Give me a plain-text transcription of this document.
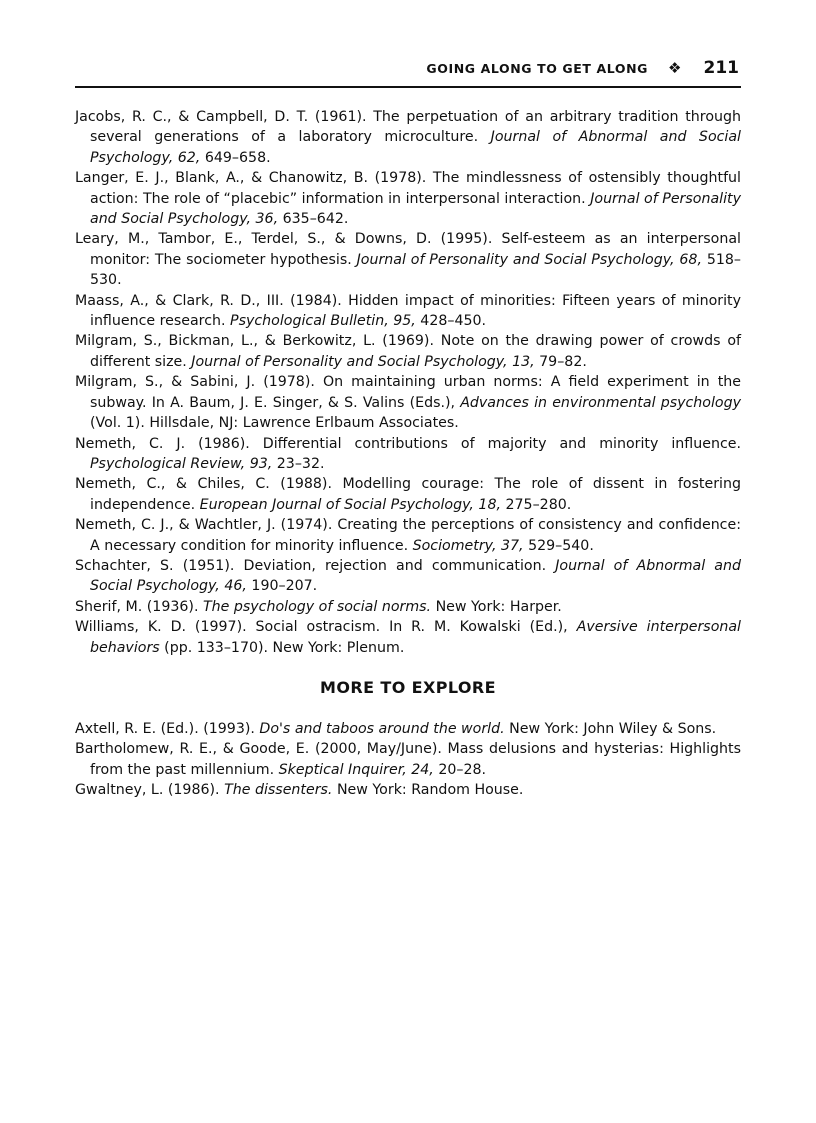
GOING ALONG TO GET ALONG ❖ 211

Jacobs, R. C., & Campbell, D. T. (1961). The perpetuation of an arbitrary tradition through several generations of a laboratory microculture. Journal of Abnormal and Social Psychology, 62, 649–658.

Langer, E. J., Blank, A., & Chanowitz, B. (1978). The mindlessness of ostensibly thoughtful action: The role of “placebic” information in interpersonal interaction. Journal of Personality and Social Psychology, 36, 635–642.

Leary, M., Tambor, E., Terdel, S., & Downs, D. (1995). Self-esteem as an interpersonal monitor: The sociometer hypothesis. Journal of Personality and Social Psychology, 68, 518–530.

Maass, A., & Clark, R. D., III. (1984). Hidden impact of minorities: Fifteen years of minority influence research. Psychological Bulletin, 95, 428–450.

Milgram, S., Bickman, L., & Berkowitz, L. (1969). Note on the drawing power of crowds of different size. Journal of Personality and Social Psychology, 13, 79–82.

Milgram, S., & Sabini, J. (1978). On maintaining urban norms: A field experiment in the subway. In A. Baum, J. E. Singer, & S. Valins (Eds.), Advances in environmental psychology (Vol. 1). Hillsdale, NJ: Lawrence Erlbaum Associates.

Nemeth, C. J. (1986). Differential contributions of majority and minority influence. Psychological Review, 93, 23–32.

Nemeth, C., & Chiles, C. (1988). Modelling courage: The role of dissent in fostering independence. European Journal of Social Psychology, 18, 275–280.

Nemeth, C. J., & Wachtler, J. (1974). Creating the perceptions of consistency and confidence: A necessary condition for minority influence. Sociometry, 37, 529–540.

Schachter, S. (1951). Deviation, rejection and communication. Journal of Abnormal and Social Psychology, 46, 190–207.

Sherif, M. (1936). The psychology of social norms. New York: Harper.

Williams, K. D. (1997). Social ostracism. In R. M. Kowalski (Ed.), Aversive interpersonal behaviors (pp. 133–170). New York: Plenum.

MORE TO EXPLORE

Axtell, R. E. (Ed.). (1993). Do's and taboos around the world. New York: John Wiley & Sons.

Bartholomew, R. E., & Goode, E. (2000, May/June). Mass delusions and hysterias: Highlights from the past millennium. Skeptical Inquirer, 24, 20–28.

Gwaltney, L. (1986). The dissenters. New York: Random House.
